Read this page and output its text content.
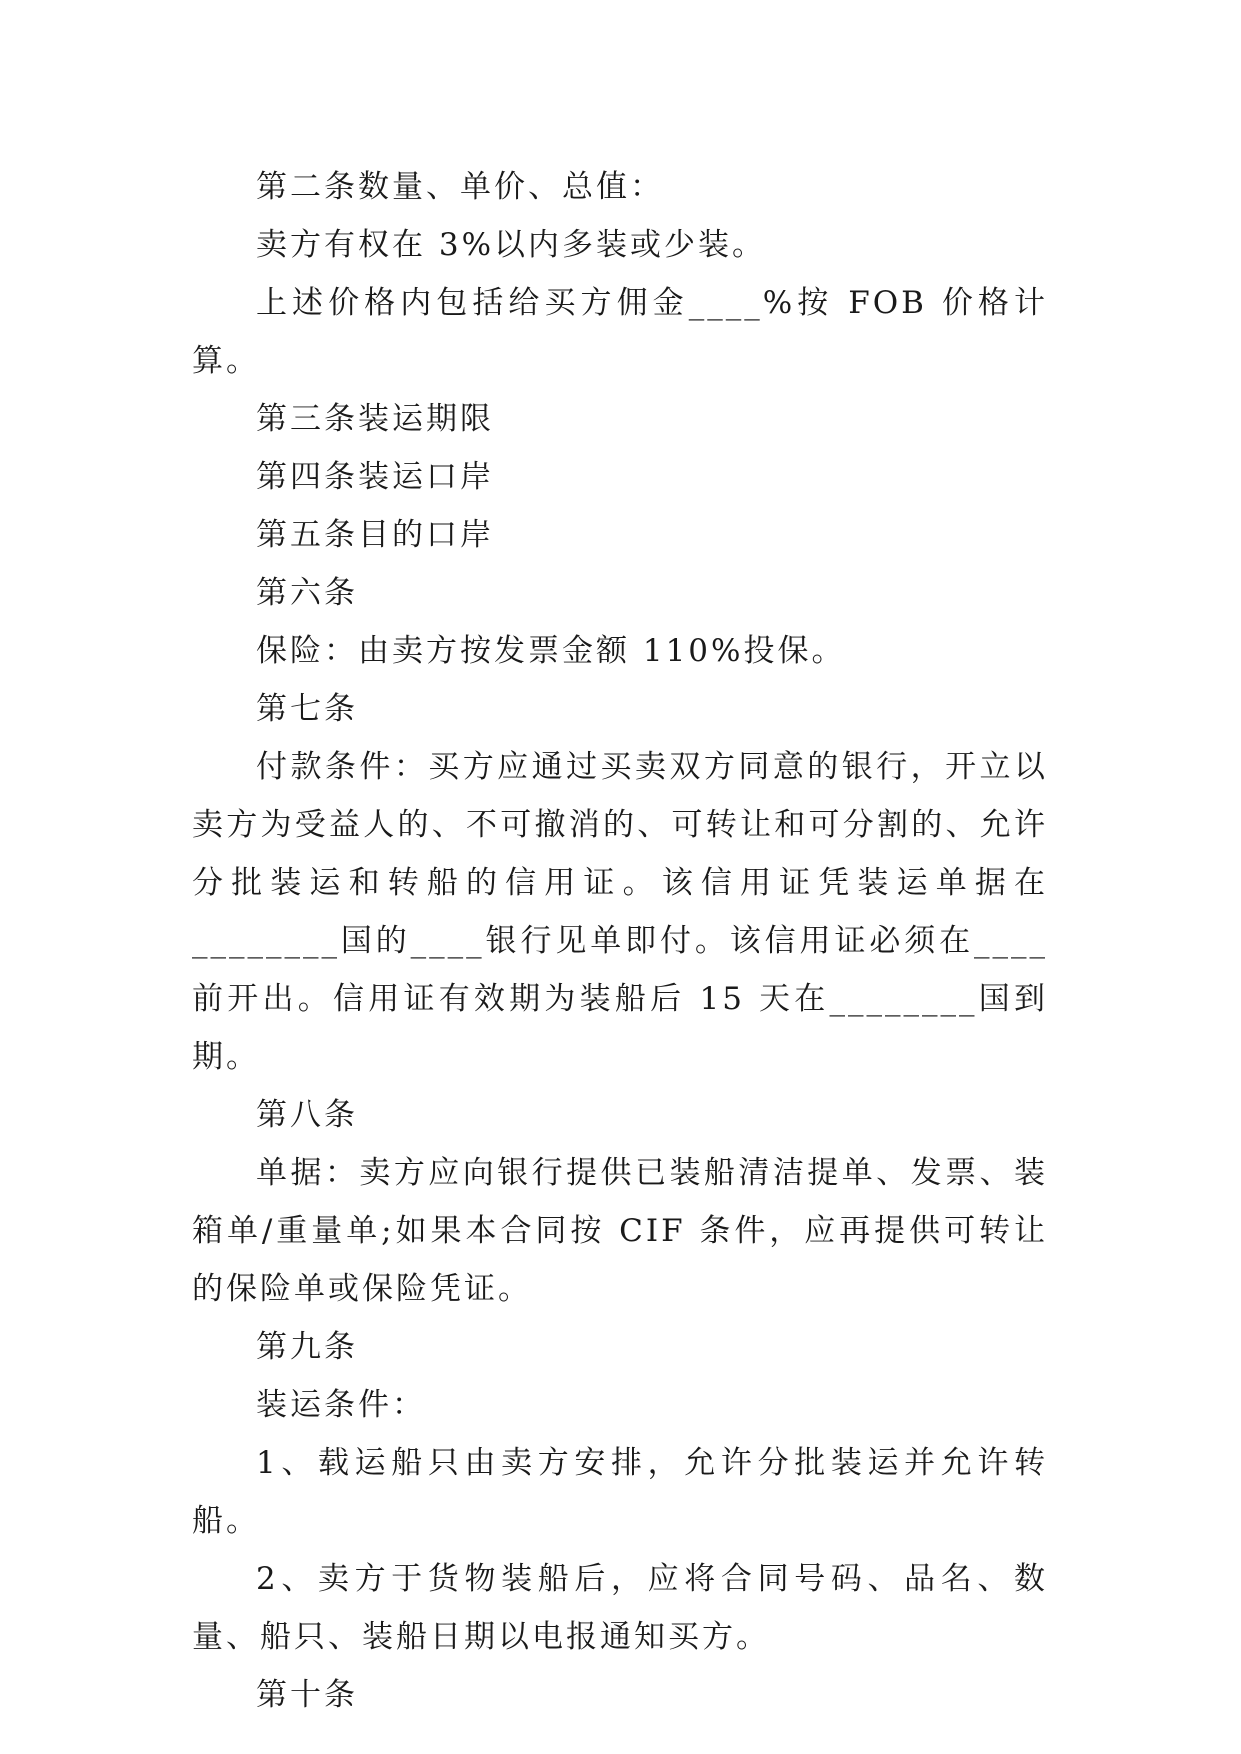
第二条数量、单价、总值：

卖方有权在 3%以内多装或少装。

上述价格内包括给买方佣金____%按 FOB 价格计算。

第三条装运期限

第四条装运口岸

第五条目的口岸

第六条

保险：由卖方按发票金额 110%投保。

第七条

付款条件：买方应通过买卖双方同意的银行，开立以卖方为受益人的、不可撤消的、可转让和可分割的、允许分批装运和转船的信用证。该信用证凭装运单据在________国的____银行见单即付。该信用证必须在____前开出。信用证有效期为装船后 15 天在________国到期。

第八条

单据：卖方应向银行提供已装船清洁提单、发票、装箱单/重量单;如果本合同按 CIF 条件，应再提供可转让的保险单或保险凭证。

第九条

装运条件：

1、载运船只由卖方安排，允许分批装运并允许转船。

2、卖方于货物装船后，应将合同号码、品名、数量、船只、装船日期以电报通知买方。

第十条
